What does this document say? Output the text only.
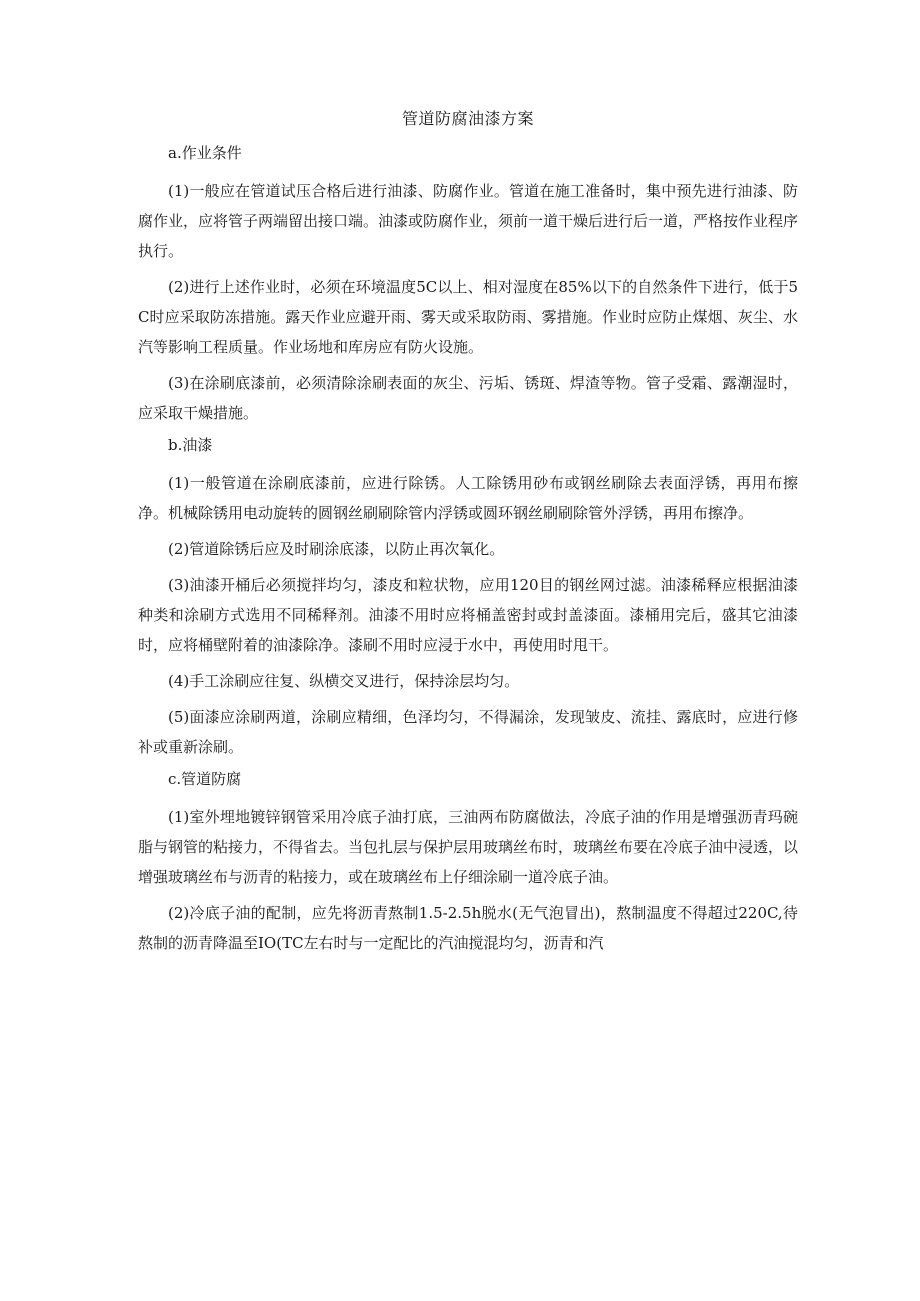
管道防腐油漆方案
a.作业条件
(1)一般应在管道试压合格后进行油漆、防腐作业。管道在施工准备时，集中预先进行油漆、防腐作业，应将管子两端留出接口端。油漆或防腐作业，须前一道干燥后进行后一道，严格按作业程序执行。
(2)进行上述作业时，必须在环境温度5C以上、相对湿度在85%以下的自然条件下进行，低于5C时应采取防冻措施。露天作业应避开雨、雾天或采取防雨、雾措施。作业时应防止煤烟、灰尘、水汽等影响工程质量。作业场地和库房应有防火设施。
(3)在涂刷底漆前，必须清除涂刷表面的灰尘、污垢、锈斑、焊渣等物。管子受霜、露潮湿时，应采取干燥措施。
b.油漆
(1)一般管道在涂刷底漆前，应进行除锈。人工除锈用砂布或钢丝刷除去表面浮锈，再用布擦净。机械除锈用电动旋转的圆钢丝刷刷除管内浮锈或圆环钢丝刷刷除管外浮锈，再用布擦净。
(2)管道除锈后应及时刷涂底漆，以防止再次氧化。
(3)油漆开桶后必须搅拌均匀，漆皮和粒状物，应用120目的钢丝网过滤。油漆稀释应根据油漆种类和涂刷方式选用不同稀释剂。油漆不用时应将桶盖密封或封盖漆面。漆桶用完后，盛其它油漆时，应将桶壁附着的油漆除净。漆刷不用时应浸于水中，再使用时甩干。
(4)手工涂刷应往复、纵横交叉进行，保持涂层均匀。
(5)面漆应涂刷两道，涂刷应精细，色泽均匀，不得漏涂，发现皱皮、流挂、露底时，应进行修补或重新涂刷。
c.管道防腐
(1)室外埋地镀锌钢管采用冷底子油打底，三油两布防腐做法，冷底子油的作用是增强沥青玛碗脂与钢管的粘接力，不得省去。当包扎层与保护层用玻璃丝布时，玻璃丝布要在冷底子油中浸透，以增强玻璃丝布与沥青的粘接力，或在玻璃丝布上仔细涂刷一道冷底子油。
(2)冷底子油的配制，应先将沥青熬制1.5-2.5h脱水(无气泡冒出)，熬制温度不得超过220C,待熬制的沥青降温至IO(TC左右时与一定配比的汽油搅混均匀，沥青和汽
